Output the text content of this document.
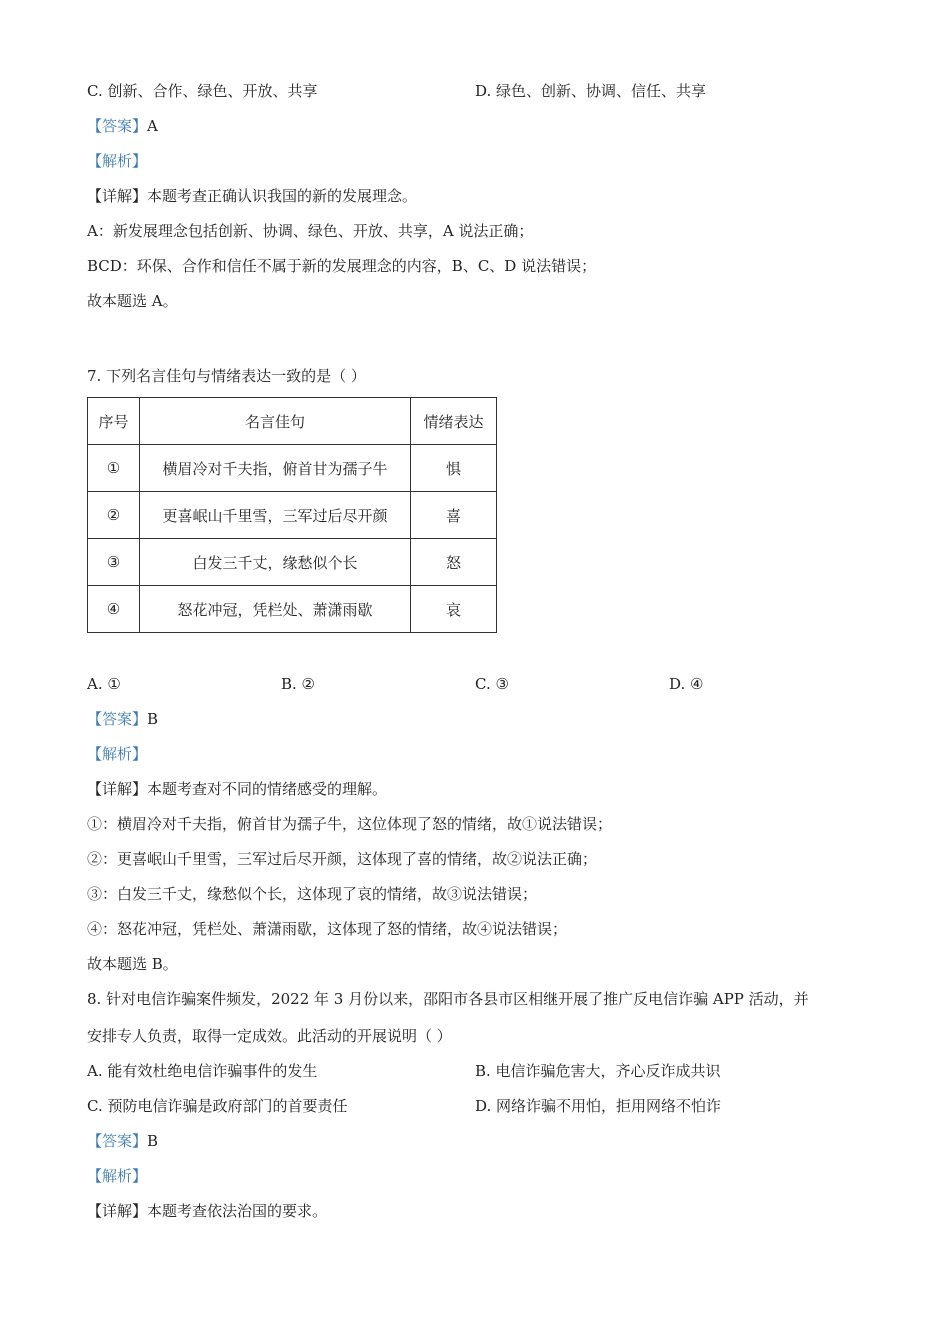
C. 创新、合作、绿色、开放、共享	D. 绿色、创新、协调、信任、共享
【答案】A
【解析】
【详解】本题考查正确认识我国的新的发展理念。
A：新发展理念包括创新、协调、绿色、开放、共享，A 说法正确；
BCD：环保、合作和信任不属于新的发展理念的内容，B、C、D 说法错误；
故本题选 A。
7. 下列名言佳句与情绪表达一致的是（ ）
序号	名言佳句	情绪表达
①	横眉冷对千夫指，俯首甘为孺子牛	惧
②	更喜岷山千里雪，三军过后尽开颜	喜
③	白发三千丈，缘愁似个长	怒
④	怒花冲冠，凭栏处、萧潇雨歇	哀
A. ①	B. ②	C. ③	D. ④
【答案】B
【解析】
【详解】本题考查对不同的情绪感受的理解。
①：横眉冷对千夫指，俯首甘为孺子牛，这位体现了怒的情绪，故①说法错误；
②：更喜岷山千里雪，三军过后尽开颜，这体现了喜的情绪，故②说法正确；
③：白发三千丈，缘愁似个长，这体现了哀的情绪，故③说法错误；
④：怒花冲冠，凭栏处、萧潇雨歇，这体现了怒的情绪，故④说法错误；
故本题选 B。
8. 针对电信诈骗案件频发，2022 年 3 月份以来，邵阳市各县市区相继开展了推广反电信诈骗 APP 活动，并
安排专人负责，取得一定成效。此活动的开展说明（ ）
A. 能有效杜绝电信诈骗事件的发生	B. 电信诈骗危害大，齐心反诈成共识
C. 预防电信诈骗是政府部门的首要责任	D. 网络诈骗不用怕，拒用网络不怕诈
【答案】B
【解析】
【详解】本题考查依法治国的要求。
